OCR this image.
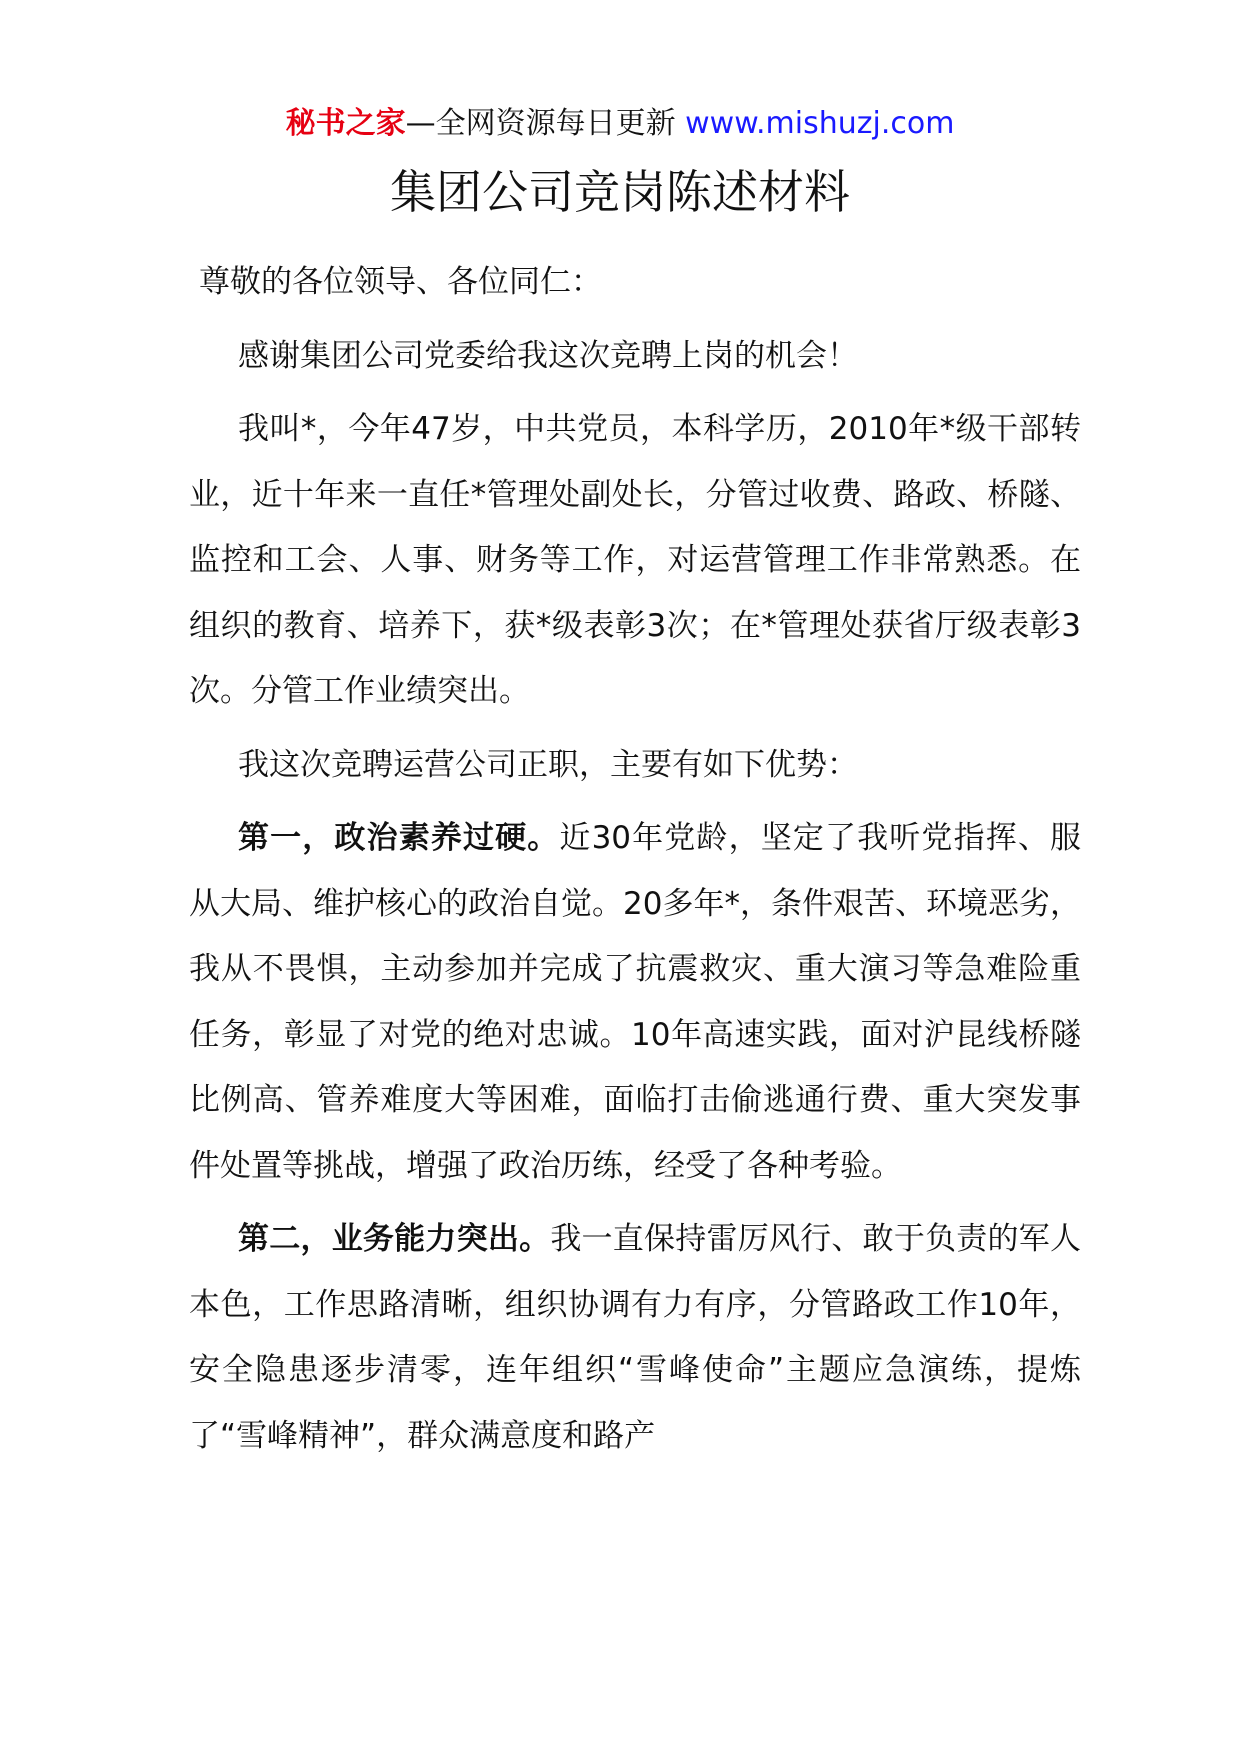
秘书之家—全网资源每日更新 www.mishuzj.com
集团公司竞岗陈述材料

尊敬的各位领导、各位同仁：

感谢集团公司党委给我这次竞聘上岗的机会！

我叫*，今年47岁，中共党员，本科学历，2010年*级干部转业，近十年来一直任*管理处副处长，分管过收费、路政、桥隧、监控和工会、人事、财务等工作，对运营管理工作非常熟悉。在组织的教育、培养下，获*级表彰3次；在*管理处获省厅级表彰3次。分管工作业绩突出。

我这次竞聘运营公司正职，主要有如下优势：

第一，政治素养过硬。近30年党龄，坚定了我听党指挥、服从大局、维护核心的政治自觉。20多年*，条件艰苦、环境恶劣，我从不畏惧，主动参加并完成了抗震救灾、重大演习等急难险重任务，彰显了对党的绝对忠诚。10年高速实践，面对沪昆线桥隧比例高、管养难度大等困难，面临打击偷逃通行费、重大突发事件处置等挑战，增强了政治历练，经受了各种考验。

第二，业务能力突出。我一直保持雷厉风行、敢于负责的军人本色，工作思路清晰，组织协调有力有序，分管路政工作10年，安全隐患逐步清零，连年组织“雪峰使命”主题应急演练，提炼了“雪峰精神”，群众满意度和路产
